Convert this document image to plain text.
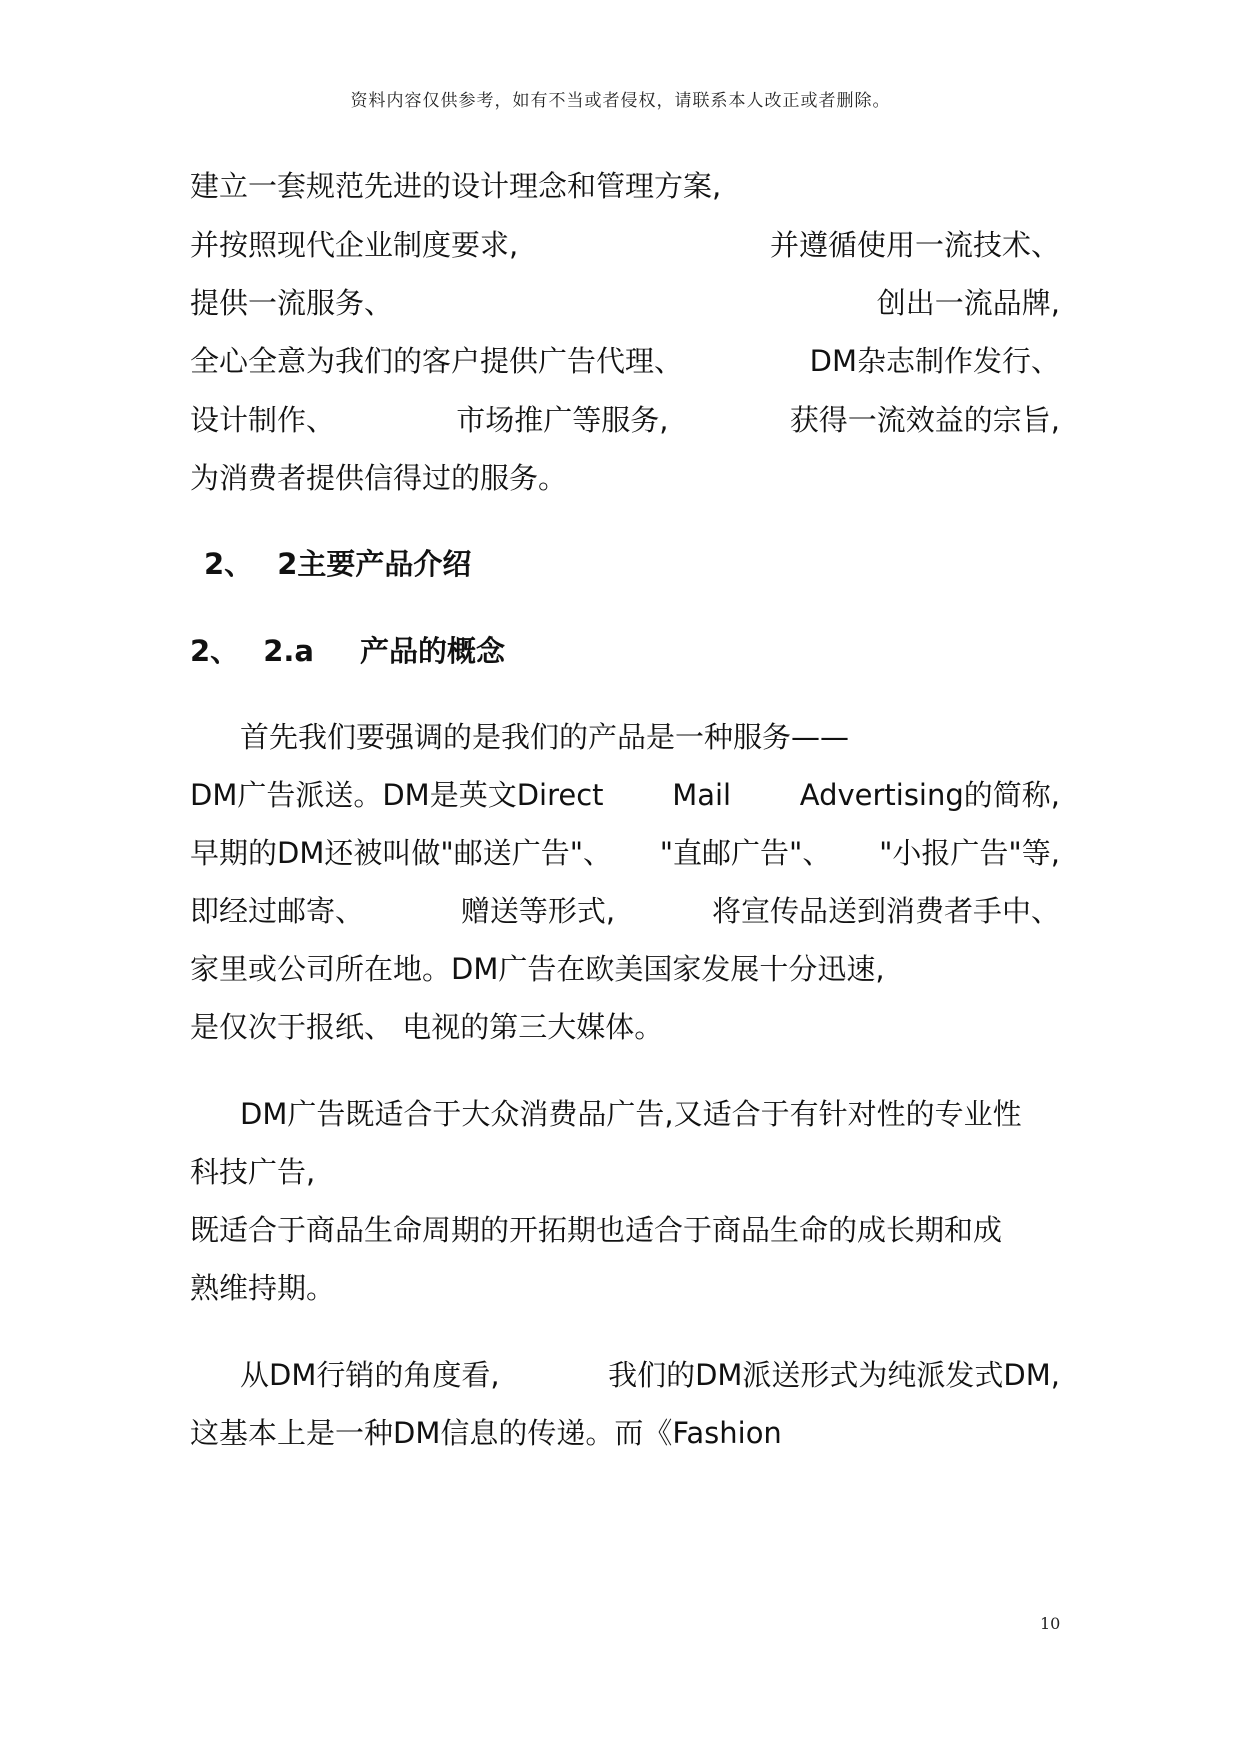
资料内容仅供参考，如有不当或者侵权，请联系本人改正或者删除。
建立一套规范先进的设计理念和管理方案,
并按照现代企业制度要求,	并遵循使用一流技术、
提供一流服务、	创出一流品牌,
全心全意为我们的客户提供广告代理、	DM杂志制作发行、
设计制作、	市场推广等服务,	获得一流效益的宗旨,
为消费者提供信得过的服务。
2、 2主要产品介绍
2、 2.a 产品的概念
首先我们要强调的是我们的产品是一种服务——
DM广告派送。DM是英文Direct Mail Advertising的简称,
早期的DM还被叫做"邮送广告"、 "直邮广告"、 "小报广告"等,
即经过邮寄、	赠送等形式,	将宣传品送到消费者手中、
家里或公司所在地。DM广告在欧美国家发展十分迅速,
是仅次于报纸、 电视的第三大媒体。
DM广告既适合于大众消费品广告,又适合于有针对性的专业性
科技广告,
既适合于商品生命周期的开拓期也适合于商品生命的成长期和成
熟维持期。
从DM行销的角度看,	我们的DM派送形式为纯派发式DM,
这基本上是一种DM信息的传递。而《Fashion
10
